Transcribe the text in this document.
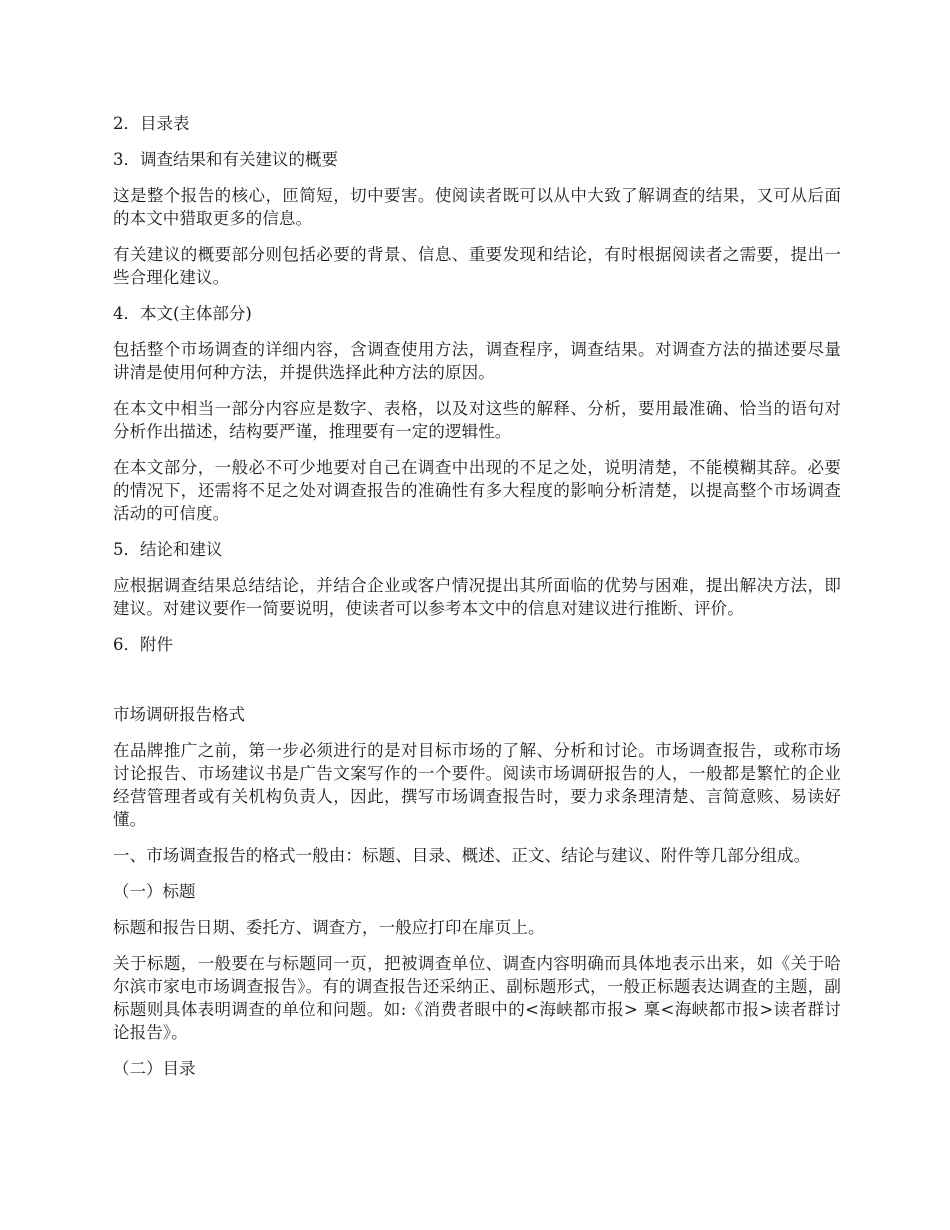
2．目录表
3．调查结果和有关建议的概要
这是整个报告的核心，匝简短，切中要害。使阅读者既可以从中大致了解调查的结果，又可从后面的本文中猎取更多的信息。
有关建议的概要部分则包括必要的背景、信息、重要发现和结论，有时根据阅读者之需要，提出一些合理化建议。
4．本文(主体部分)
包括整个市场调查的详细内容，含调查使用方法，调查程序，调查结果。对调查方法的描述要尽量讲清是使用何种方法，并提供选择此种方法的原因。
在本文中相当一部分内容应是数字、表格，以及对这些的解释、分析，要用最准确、恰当的语句对分析作出描述，结构要严谨，推理要有一定的逻辑性。
在本文部分，一般必不可少地要对自己在调查中出现的不足之处，说明清楚，不能模糊其辞。必要的情况下，还需将不足之处对调查报告的准确性有多大程度的影响分析清楚，以提高整个市场调查活动的可信度。
5．结论和建议
应根据调查结果总结结论，并结合企业或客户情况提出其所面临的优势与困难，提出解决方法，即建议。对建议要作一简要说明，使读者可以参考本文中的信息对建议进行推断、评价。
6．附件
市场调研报告格式
在品牌推广之前，第一步必须进行的是对目标市场的了解、分析和讨论。市场调查报告，或称市场讨论报告、市场建议书是广告文案写作的一个要件。阅读市场调研报告的人，一般都是繁忙的企业经营管理者或有关机构负责人，因此，撰写市场调查报告时，要力求条理清楚、言简意赅、易读好懂。
一、市场调查报告的格式一般由：标题、目录、概述、正文、结论与建议、附件等几部分组成。
（一）标题
标题和报告日期、委托方、调查方，一般应打印在扉页上。
关于标题，一般要在与标题同一页，把被调查单位、调查内容明确而具体地表示出来，如《关于哈尔滨市家电市场调查报告》。有的调查报告还采纳正、副标题形式，一般正标题表达调查的主题，副标题则具体表明调查的单位和问题。如:《消费者眼中的<海峡都市报> 稟<海峡都市报>读者群讨论报告》。
（二）目录
